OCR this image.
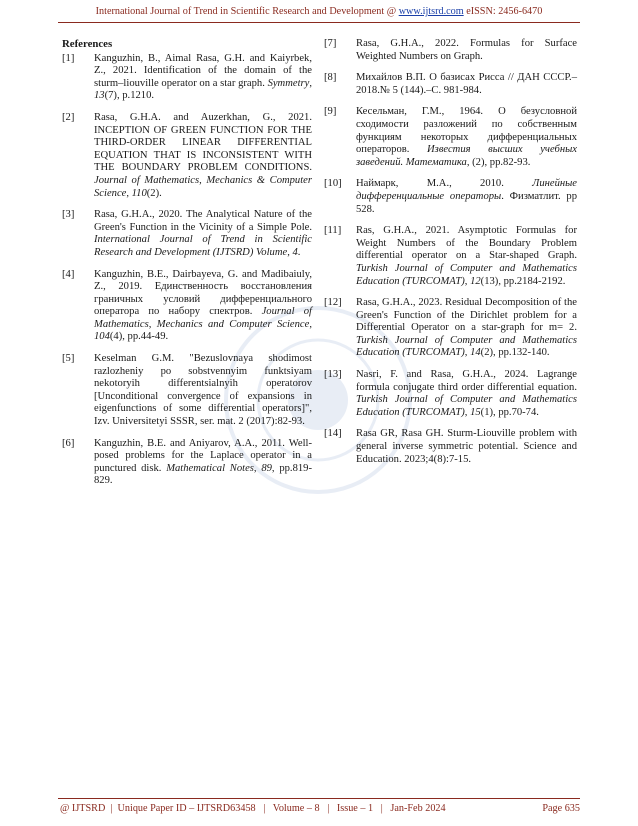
International Journal of Trend in Scientific Research and Development @ www.ijtsrd.com eISSN: 2456-6470
References
[1]	Kanguzhin, B., Aimal Rasa, G.H. and Kaiyrbek, Z., 2021. Identification of the domain of the sturm–liouville operator on a star graph. Symmetry, 13(7), p.1210.
[2]	Rasa, G.H.A. and Auzerkhan, G., 2021. INCEPTION OF GREEN FUNCTION FOR THE THIRD-ORDER LINEAR DIFFERENTIAL EQUATION THAT IS INCONSISTENT WITH THE BOUNDARY PROBLEM CONDITIONS. Journal of Mathematics, Mechanics & Computer Science, 110(2).
[3]	Rasa, G.H.A., 2020. The Analytical Nature of the Green's Function in the Vicinity of a Simple Pole. International Journal of Trend in Scientific Research and Development (IJTSRD) Volume, 4.
[4]	Kanguzhin, B.E., Dairbayeva, G. and Madibaiuly, Z., 2019. Единственность восстановления граничных условий дифференциального оператора по набору спектров. Journal of Mathematics, Mechanics and Computer Science, 104(4), pp.44-49.
[5]	Keselman G.M. "Bezuslovnaya shodimost razlozheniy po sobstvennyim funktsiyam nekotoryih differentsialnyih operatorov [Unconditional convergence of expansions in eigenfunctions of some differential operators]", Izv. Universitetyi SSSR, ser. mat. 2 (2017):82-93.
[6]	Kanguzhin, B.E. and Aniyarov, A.A., 2011. Well-posed problems for the Laplace operator in a punctured disk. Mathematical Notes, 89, pp.819-829.
[7]	Rasa, G.H.A., 2022. Formulas for Surface Weighted Numbers on Graph.
[8]	Михайлов В.П. О базисах Рисса // ДАН СССР.–2018.№ 5 (144).–С. 981-984.
[9]	Кесельман, Г.М., 1964. О безусловной сходимости разложений по собственным функциям некоторых дифференциальных операторов. Известия высших учебных заведений. Математика, (2), pp.82-93.
[10]	Наймарк, М.А., 2010. Линейные дифференциальные операторы. Физматлит. pp 528.
[11]	Ras, G.H.A., 2021. Asymptotic Formulas for Weight Numbers of the Boundary Problem differential operator on a Star-shaped Graph. Turkish Journal of Computer and Mathematics Education (TURCOMAT), 12(13), pp.2184-2192.
[12]	Rasa, G.H.A., 2023. Residual Decomposition of the Green's Function of the Dirichlet problem for a Differential Operator on a star-graph for m= 2. Turkish Journal of Computer and Mathematics Education (TURCOMAT), 14(2), pp.132-140.
[13]	Nasri, F. and Rasa, G.H.A., 2024. Lagrange formula conjugate third order differential equation. Turkish Journal of Computer and Mathematics Education (TURCOMAT), 15(1), pp.70-74.
[14]	Rasa GR, Rasa GH. Sturm-Liouville problem with general inverse symmetric potential. Science and Education. 2023;4(8):7-15.
@ IJTSRD  |  Unique Paper ID – IJTSRD63458   |   Volume – 8   |   Issue – 1   |   Jan-Feb 2024	Page 635
